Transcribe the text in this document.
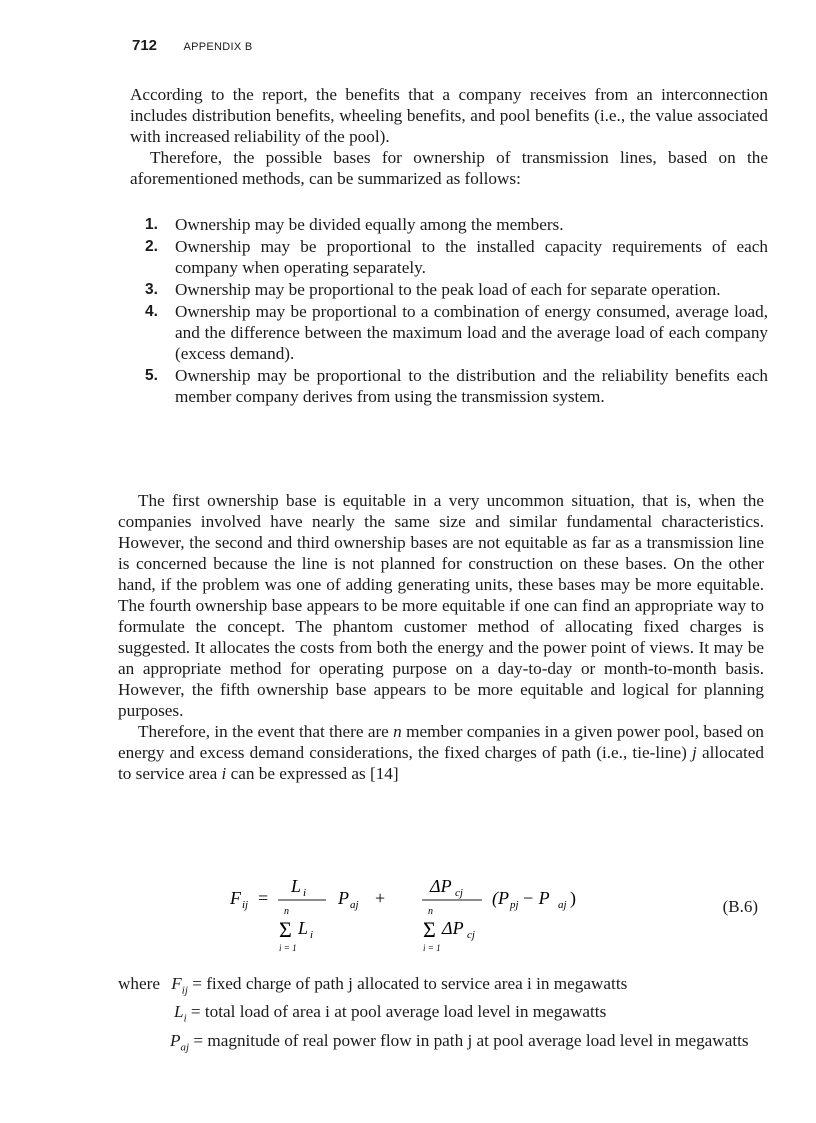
712 APPENDIX B
According to the report, the benefits that a company receives from an interconnection includes distribution benefits, wheeling benefits, and pool benefits (i.e., the value associated with increased reliability of the pool).
Therefore, the possible bases for ownership of transmission lines, based on the aforementioned methods, can be summarized as follows:
1. Ownership may be divided equally among the members.
2. Ownership may be proportional to the installed capacity requirements of each company when operating separately.
3. Ownership may be proportional to the peak load of each for separate operation.
4. Ownership may be proportional to a combination of energy consumed, average load, and the difference between the maximum load and the average load of each company (excess demand).
5. Ownership may be proportional to the distribution and the reliability benefits each member company derives from using the transmission system.

The first ownership base is equitable in a very uncommon situation, that is, when the companies involved have nearly the same size and similar fundamental characteristics. However, the second and third ownership bases are not equitable as far as a transmission line is concerned because the line is not planned for construction on these bases. On the other hand, if the problem was one of adding generating units, these bases may be more equitable. The fourth ownership base appears to be more equitable if one can find an appropriate way to formulate the concept. The phantom customer method of allocating fixed charges is suggested. It allocates the costs from both the energy and the power point of views. It may be an appropriate method for operating purpose on a day-to-day or month-to-month basis. However, the fifth ownership base appears to be more equitable and logical for planning purposes.

Therefore, in the event that there are n member companies in a given power pool, based on energy and excess demand considerations, the fixed charges of path (i.e., tie-line) j allocated to service area i can be expressed as [14]

F ij =
L i
n
Σ L i
i = 1
P aj +
ΔP cj
n
Σ ΔP cj
i = 1
(P pj − P aj )	(B.6)
where $F_{ij}$ = fixed charge of path j allocated to service area i in megawatts
$L_i$ = total load of area i at pool average load level in megawatts
$P_{aj}$ = magnitude of real power flow in path j at pool average load level in megawatts
